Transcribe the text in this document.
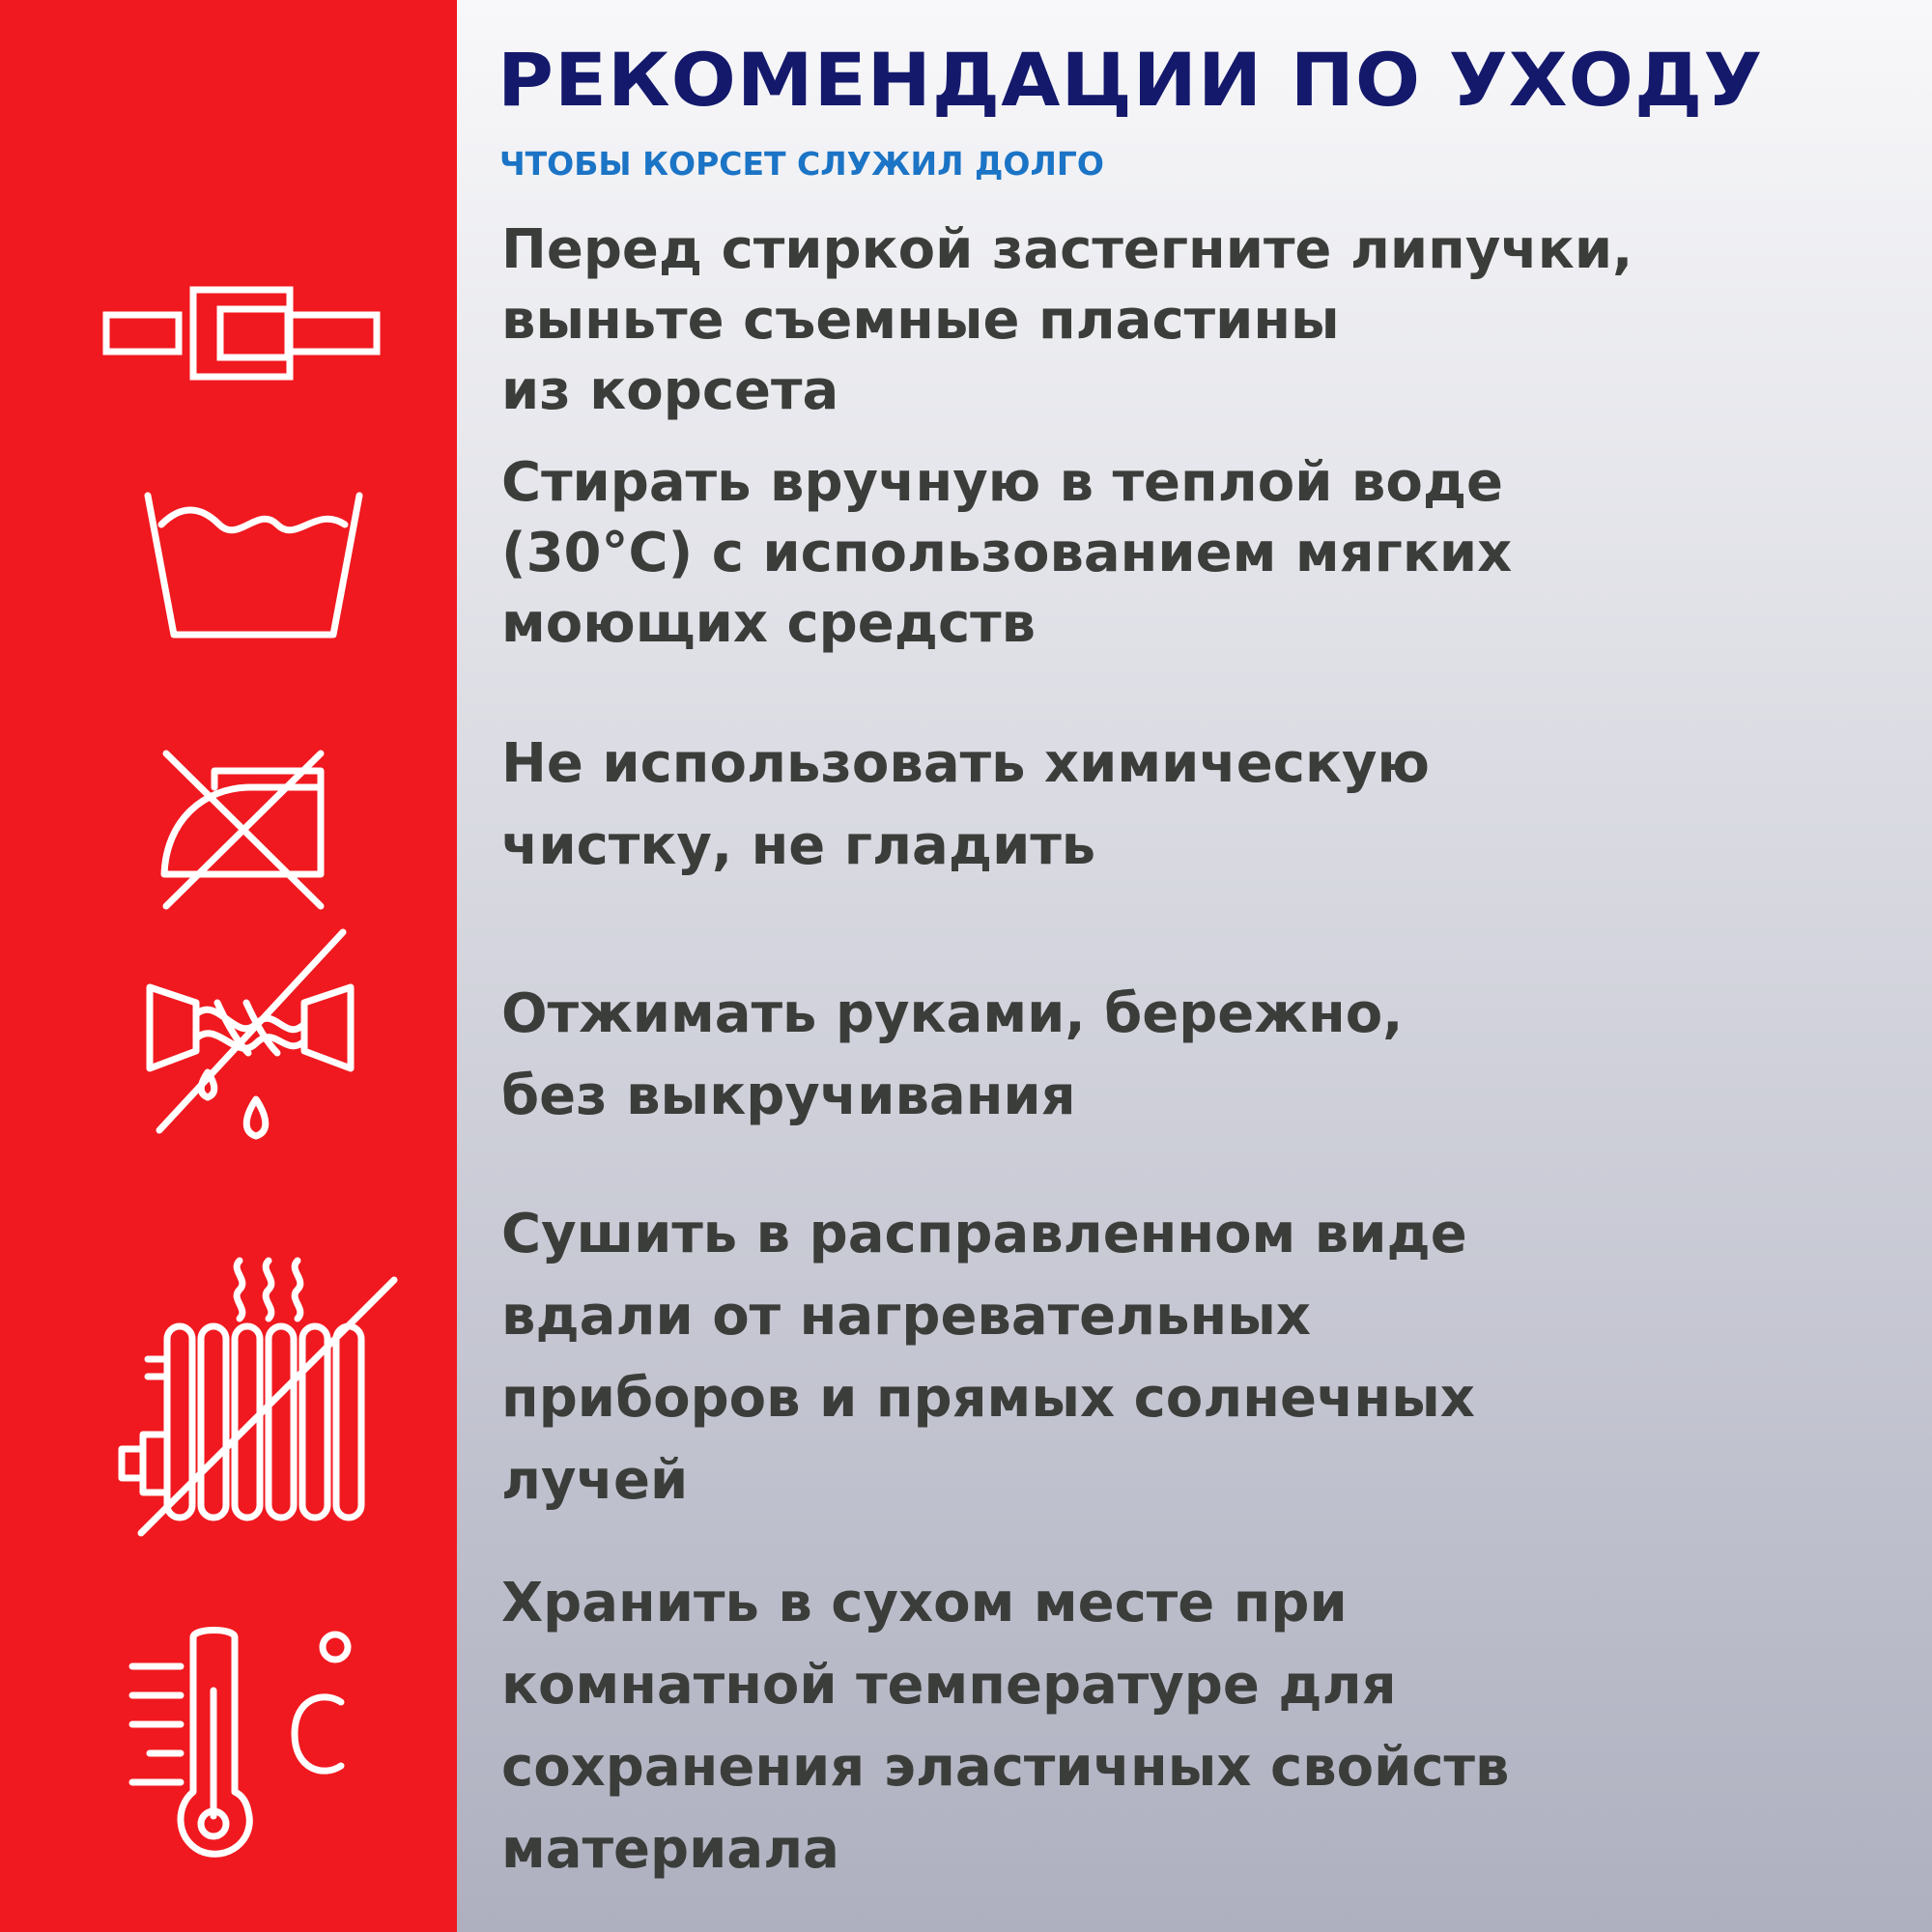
РЕКОМЕНДАЦИИ ПО УХОДУ
ЧТОБЫ КОРСЕТ СЛУЖИЛ ДОЛГО
Перед стиркой застегните липучки,
выньте съемные пластины
из корсета
Стирать вручную в теплой воде
(30°С) с использованием мягких
моющих средств
Не использовать химическую
чистку, не гладить
Отжимать руками, бережно,
без выкручивания
Сушить в расправленном виде
вдали от нагревательных
приборов и прямых солнечных
лучей
Хранить в сухом месте при
комнатной температуре для
сохранения эластичных свойств
материала
